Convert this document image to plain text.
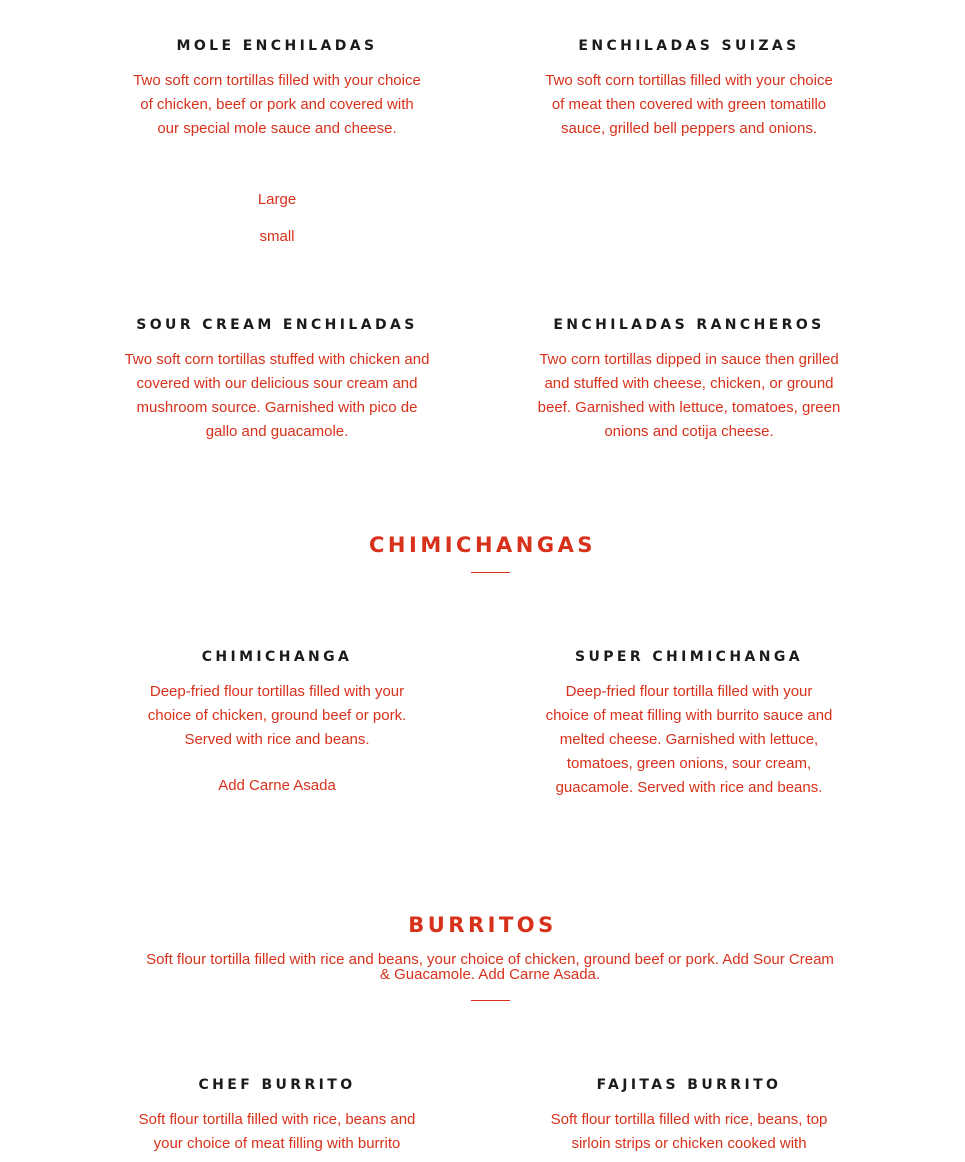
MOLE ENCHILADAS
Two soft corn tortillas filled with your choice of chicken, beef or pork and covered with our special mole sauce and cheese.
Large
small
ENCHILADAS SUIZAS
Two soft corn tortillas filled with your choice of meat then covered with green tomatillo sauce, grilled bell peppers and onions.
SOUR CREAM ENCHILADAS
Two soft corn tortillas stuffed with chicken and covered with our delicious sour cream and mushroom source. Garnished with pico de gallo and guacamole.
ENCHILADAS RANCHEROS
Two corn tortillas dipped in sauce then grilled and stuffed with cheese, chicken, or ground beef. Garnished with lettuce, tomatoes, green onions and cotija cheese.
CHIMICHANGAS
CHIMICHANGA
Deep-fried flour tortillas filled with your choice of chicken, ground beef or pork. Served with rice and beans.
Add Carne Asada
SUPER CHIMICHANGA
Deep-fried flour tortilla filled with your choice of meat filling with burrito sauce and melted cheese. Garnished with lettuce, tomatoes, green onions, sour cream, guacamole. Served with rice and beans.
BURRITOS
Soft flour tortilla filled with rice and beans, your choice of chicken, ground beef or pork. Add Sour Cream & Guacamole. Add Carne Asada.
CHEF BURRITO
Soft flour tortilla filled with rice, beans and your choice of meat filling with burrito
FAJITAS BURRITO
Soft flour tortilla filled with rice, beans, top sirloin strips or chicken cooked with
